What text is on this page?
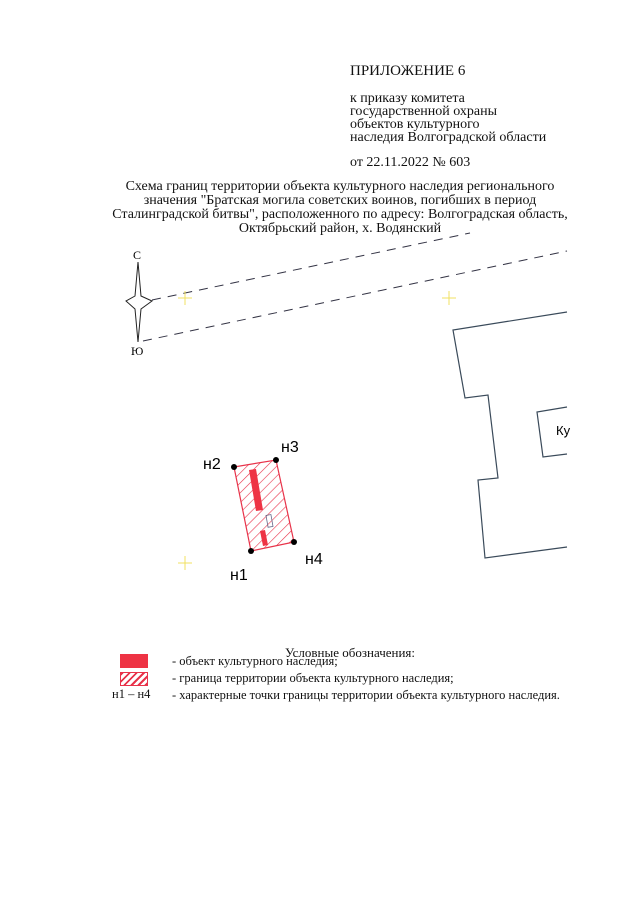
ПРИЛОЖЕНИЕ 6
к приказу комитета
государственной охраны
объектов культурного
наследия Волгоградской области
от 22.11.2022 № 603
Схема границ территории объекта культурного наследия регионального
значения "Братская могила советских воинов, погибших в период
Сталинградской битвы", расположенного по адресу: Волгоградская область,
Октябрьский район, х. Водянский
С
Ю
Ку
н2
н3
н4
н1
Условные обозначения:
н1 – н4
- объект культурного наследия;
- граница территории объекта культурного наследия;
- характерные точки границы территории объекта культурного наследия.
